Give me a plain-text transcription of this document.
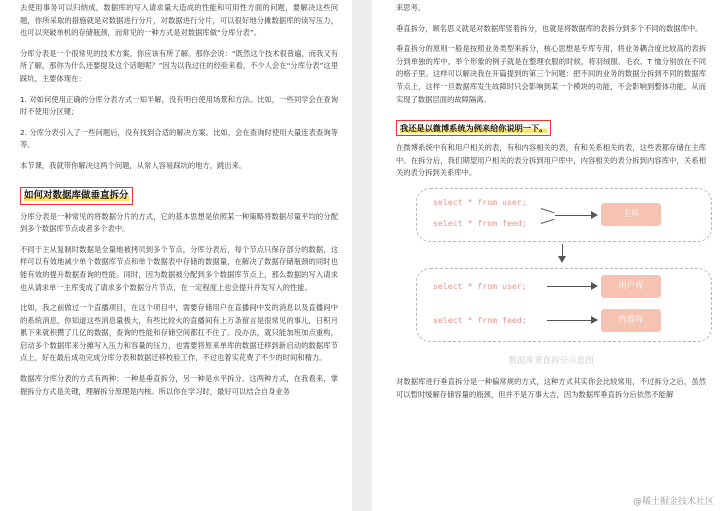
去使用事务可以归纳成，数据库的写入请求量大造成的性能和可用性方面的问题，要解决这些问题，你所采取的措施就是对数据进行分片，对数据进行分片，可以很好地分摊数据库的读写压力，也可以突破单机的存储瓶颈，而常见的一种方式是对数据库做“分库分表”。

分库分表是一个很常见的技术方案，你应该有所了解。那你会说：“既然这个技术很普遍，而我又有所了解，那你为什么还要提及这个话题呢？”因为以我过往的经验来看，不少人会在“分库分表”这里踩坑，主要体现在：

1. 对如何使用正确的分库分表方式一知半解，没有明白使用场景和方法。比如，一些同学会在查询时不使用分区键；

2. 分库分表引入了一些问题后，没有找到合适的解决方案。比如，会在查询时使用大量连表查询等等。

本节课，我就带你解决这两个问题，从常人容易踩坑的地方，跳出来。

如何对数据库做垂直拆分

分库分表是一种常见的将数据分片的方式，它的基本思想是依照某一种策略将数据尽量平均的分配到多个数据库节点或者多个表中。

不同于主从复制时数据是全量地被拷贝到多个节点，分库分表后，每个节点只保存部分的数据，这样可以有效地减少单个数据库节点和单个数据表中存储的数据量，在解决了数据存储瓶颈的同时也能有效的提升数据查询的性能。同时，因为数据被分配到多个数据库节点上，那么数据的写入请求也从请求单一主库变成了请求多个数据分片节点，在一定程度上也会提升并发写入的性能。

比如，我之前做过一个直播项目，在这个项目中，需要存储用户在直播间中发的消息以及直播间中的系统消息，你知道这些消息量极大，有些比较火的直播间有上万条留言是很常见的事儿，日积月累下来就积攒了几亿的数据，查询的性能和存储空间都扛不住了。没办法，就只能加班加点重构，启动多个数据库来分摊写入压力和容量的压力，也需要将原来单库的数据迁移到新启动的数据库节点上，好在最后成功完成分库分表和数据迁移校验工作，不过也着实花费了不少的时间和精力。

数据库分库分表的方式有两种：一种是垂直拆分，另一种是水平拆分。这两种方式，在我看来，掌握拆分方式是关键，理解拆分原理是内核。所以你在学习时，最好可以结合自身业务

来思考。

垂直拆分，顾名思义就是对数据库竖着拆分，也就是将数据库的表拆分到多个不同的数据库中。

垂直拆分的原则一般是按照业务类型来拆分，核心思想是专库专用，将业务耦合度比较高的表拆分到单独的库中。举个形象的例子就是在整理衣服的时候，将羽绒服、毛衣、T 恤分别放在不同的格子里。这样可以解决我在开篇提到的第三个问题：把不同的业务的数据分拆到不同的数据库节点上，这样一旦数据库发生故障时只会影响到某一个模块的功能，不会影响到整体功能，从而实现了数据层面的故障隔离。

我还是以微博系统为例来给你说明一下。

在微博系统中有和用户相关的表，有和内容相关的表，有和关系相关的表，这些表都存储在主库中。在拆分后，我们期望用户相关的表分拆到用户库中，内容相关的表分拆到内容库中，关系相关的表分拆到关系库中。

select * from user;
select * from feed;
主库
select * from user;	用户库
select * from feed;	内容库
数据库垂直拆分示意图

对数据库进行垂直拆分是一种偏常规的方式，这种方式其实你会比较常用，不过拆分之后，虽然可以暂时缓解存储容量的瓶颈，但并不是万事大吉，因为数据库垂直拆分后依然不能解

@稀土掘金技术社区
